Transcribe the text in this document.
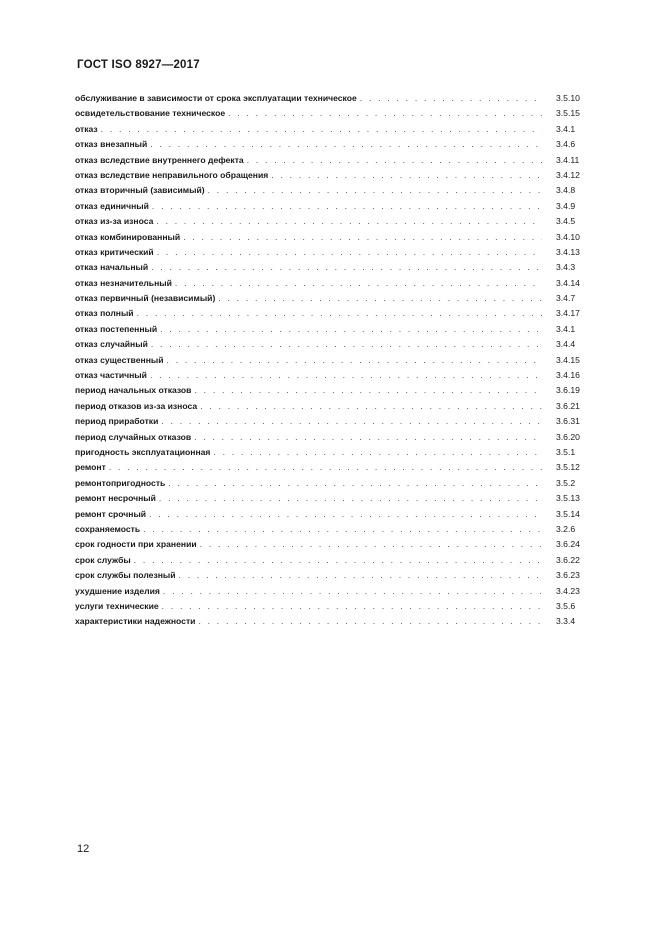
ГОСТ ISO 8927—2017
обслуживание в зависимости от срока эксплуатации техническое . . .	3.5.10
освидетельствование техническое . . .	3.5.15
отказ . . .	3.4.1
отказ внезапный . . .	3.4.6
отказ вследствие внутреннего дефекта . . .	3.4.11
отказ вследствие неправильного обращения . . .	3.4.12
отказ вторичный (зависимый) . . .	3.4.8
отказ единичный . . .	3.4.9
отказ из-за износа . . .	3.4.5
отказ комбинированный . . .	3.4.10
отказ критический . . .	3.4.13
отказ начальный . . .	3.4.3
отказ незначительный . . .	3.4.14
отказ первичный (независимый) . . .	3.4.7
отказ полный . . .	3.4.17
отказ постепенный . . .	3.4.1
отказ случайный . . .	3.4.4
отказ существенный . . .	3.4.15
отказ частичный . . .	3.4.16
период начальных отказов . . .	3.6.19
период отказов из-за износа . . .	3.6.21
период приработки . . .	3.6.31
период случайных отказов . . .	3.6.20
пригодность эксплуатационная . . .	3.5.1
ремонт . . .	3.5.12
ремонтопригодность . . .	3.5.2
ремонт несрочный . . .	3.5.13
ремонт срочный . . .	3.5.14
сохраняемость . . .	3.2.6
срок годности при хранении . . .	3.6.24
срок службы . . .	3.6.22
срок службы полезный . . .	3.6.23
ухудшение изделия . . .	3.4.23
услуги технические . . .	3.5.6
характеристики надежности . . .	3.3.4
12
